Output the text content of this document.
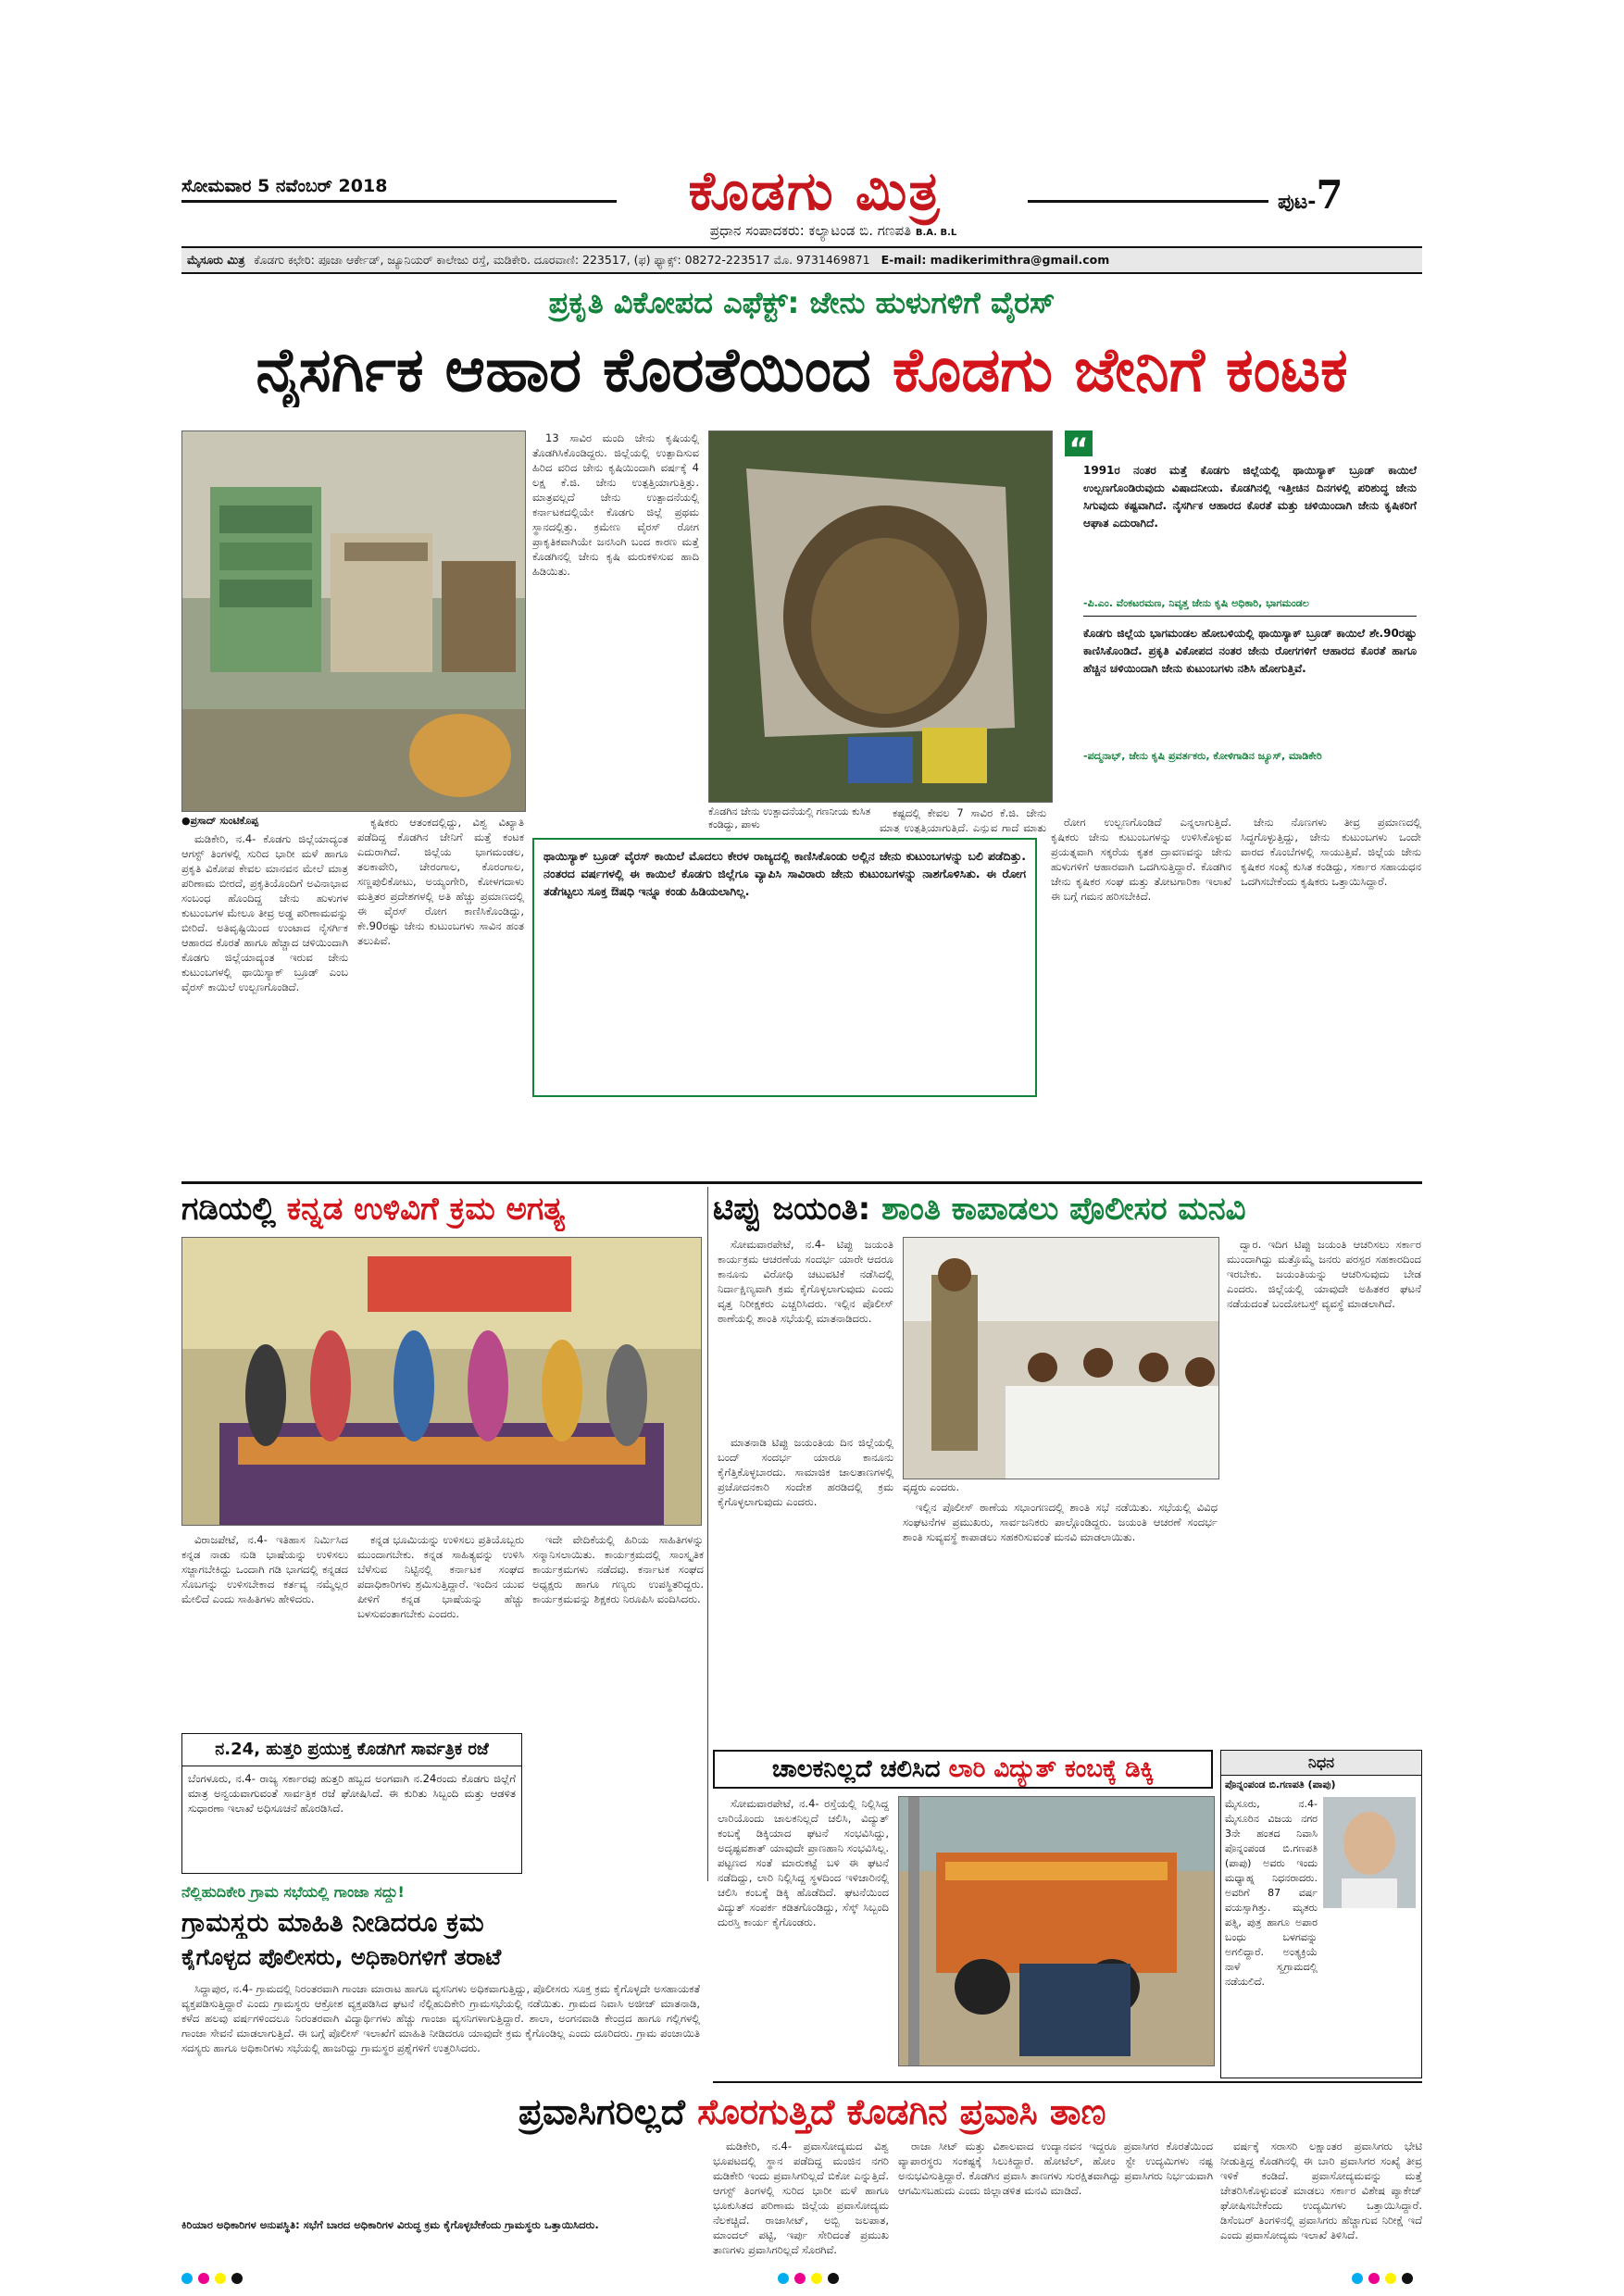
ಸೋಮವಾರ 5 ನವೆಂಬರ್ 2018	ಕೊಡಗು ಮಿತ್ರ	ಪುಟ-7
ಪ್ರಧಾನ ಸಂಪಾದಕರು: ಕಲ್ಯಾಟಂಡ ಬಿ. ಗಣಪತಿ B.A. B.L
ಮೈಸೂರು ಮಿತ್ರ ಕೊಡಗು ಕಛೇರಿ: ಪೂಜಾ ಆರ್ಕೇಡ್, ಜ್ಯೂನಿಯರ್ ಕಾಲೇಜು ರಸ್ತೆ, ಮಡಿಕೇರಿ. ದೂರವಾಣಿ: 223517, (ಫ) ಫ್ಯಾಕ್ಸ್: 08272-223517 ಮೊ. 9731469871 E-mail: madikerimithra@gmail.com
ಪ್ರಕೃತಿ ವಿಕೋಪದ ಎಫೆಕ್ಟ್: ಜೇನು ಹುಳುಗಳಿಗೆ ವೈರಸ್
ನೈಸರ್ಗಿಕ ಆಹಾರ ಕೊರತೆಯಿಂದ ಕೊಡಗು ಜೇನಿಗೆ ಕಂಟಕ
●ಪ್ರಸಾದ್ ಸುಂಟಿಕೊಪ್ಪ

ಮಡಿಕೇರಿ, ನ.4- ಕೊಡಗು ಜಿಲ್ಲೆಯಾದ್ಯಂತ ಆಗಸ್ಟ್ ತಿಂಗಳಲ್ಲಿ ಸುರಿದ ಭಾರೀ ಮಳೆ ಹಾಗೂ ಪ್ರಕೃತಿ ವಿಕೋಪ ಕೇವಲ ಮಾನವನ ಮೇಲೆ ಮಾತ್ರ ಪರಿಣಾಮ ಬೀರದೆ, ಪ್ರಕೃತಿಯೊಂದಿಗೆ ಅವಿನಾಭಾವ ಸಂಬಂಧ ಹೊಂದಿದ್ದ ಜೇನು ಹುಳುಗಳ ಕುಟುಂಬಗಳ ಮೇಲೂ ತೀವ್ರ ಅಡ್ಡ ಪರಿಣಾಮವನ್ನು ಬೀರಿದೆ. ಅತಿವೃಷ್ಟಿಯಿಂದ ಉಂಟಾದ ನೈಸರ್ಗಿಕ ಆಹಾರದ ಕೊರತೆ ಹಾಗೂ ಹೆಚ್ಚಾದ ಚಳಿಯಿಂದಾಗಿ ಕೊಡಗು ಜಿಲ್ಲೆಯಾದ್ಯಂತ ಇರುವ ಜೇನು ಕುಟುಂಬಗಳಲ್ಲಿ ಥಾಯಿಸ್ಯಾಕ್ ಬ್ರೂಡ್ ಎಂಬ ವೈರಸ್ ಕಾಯಿಲೆ ಉಲ್ಬಣಗೊಂಡಿದೆ.

ಕೃಷಿಕರು ಆತಂಕದಲ್ಲಿದ್ದು, ವಿಶ್ವ ವಿಖ್ಯಾತಿ ಪಡೆದಿದ್ದ ಕೊಡಗಿನ ಜೇನಿಗೆ ಮತ್ತೆ ಕಂಟಕ ಎದುರಾಗಿದೆ. ಜಿಲ್ಲೆಯ ಭಾಗಮಂಡಲ, ತಲಕಾವೇರಿ, ಚೇರಂಗಾಲ, ಕೊರಂಗಾಲ, ಸಣ್ಣಪುಲಿಕೋಟು, ಅಯ್ಯಂಗೇರಿ, ಕೋಳಗದಾಳು ಮತ್ತಿತರ ಪ್ರದೇಶಗಳಲ್ಲಿ ಅತಿ ಹೆಚ್ಚು ಪ್ರಮಾಣದಲ್ಲಿ ಈ ವೈರಸ್ ರೋಗ ಕಾಣಿಸಿಕೊಂಡಿದ್ದು, ಕೇ.90ರಷ್ಟು ಜೇನು ಕುಟುಂಬಗಳು ಸಾವಿನ ಹಂತ ತಲುಪಿವೆ.

13 ಸಾವಿರ ಮಂದಿ ಜೇನು ಕೃಷಿಯಲ್ಲಿ ತೊಡಗಿಸಿಕೊಂಡಿದ್ದರು. ಜಿಲ್ಲೆಯಲ್ಲಿ ಉತ್ಪಾದಿಸುವ ಹಿರಿದ ವರಿದ ಜೇನು ಕೃಷಿಯಿಂದಾಗಿ ವರ್ಷಕ್ಕೆ 4 ಲಕ್ಷ ಕೆ.ಜಿ. ಜೇನು ಉತ್ಪತ್ತಿಯಾಗುತ್ತಿತ್ತು. ಮಾತ್ರವಲ್ಲದೆ ಜೇನು ಉತ್ಪಾದನೆಯಲ್ಲಿ ಕರ್ನಾಟಕದಲ್ಲಿಯೇ ಕೊಡಗು ಜಿಲ್ಲೆ ಪ್ರಥಮ ಸ್ಥಾನದಲ್ಲಿತ್ತು. ಕ್ರಮೇಣ ವೈರಸ್ ರೋಗ ಪ್ರಾಕೃತಿಕವಾಗಿಯೇ ಜನಸಿಂಗಿ ಬಂದ ಕಾರಣ ಮತ್ತೆ ಕೊಡಗಿನಲ್ಲಿ ಜೇನು ಕೃಷಿ ಮರುಕಳಿಸುವ ಹಾದಿ ಹಿಡಿಯಿತು.

ಕೊಡಗಿನ ಜೇನು ಉತ್ಪಾದನೆಯಲ್ಲಿ ಗಣನೀಯ ಕುಸಿತ ಕಂಡಿದ್ದು, ಪಾಳು
ಥಾಯಿಸ್ಯಾಕ್ ಬ್ರೂಡ್ ವೈರಸ್ ಕಾಯಿಲೆ ಮೊದಲು ಕೇರಳ ರಾಜ್ಯದಲ್ಲಿ ಕಾಣಿಸಿಕೊಂಡು ಅಲ್ಲಿನ ಜೇನು ಕುಟುಂಬಗಳನ್ನು ಬಲಿ ಪಡೆದಿತ್ತು. ನಂತರದ ವರ್ಷಗಳಲ್ಲಿ ಈ ಕಾಯಿಲೆ ಕೊಡಗು ಜಿಲ್ಲೆಗೂ ವ್ಯಾಪಿಸಿ ಸಾವಿರಾರು ಜೇನು ಕುಟುಂಬಗಳನ್ನು ನಾಶಗೊಳಿಸಿತು. ಈ ರೋಗ ತಡೆಗಟ್ಟಲು ಸೂಕ್ತ ಔಷಧಿ ಇನ್ನೂ ಕಂಡು ಹಿಡಿಯಲಾಗಿಲ್ಲ.

ಕಷ್ಟದಲ್ಲಿ ಕೇವಲ 7 ಸಾವಿರ ಕೆ.ಜಿ. ಜೇನು ಮಾತ್ರ ಉತ್ಪತ್ತಿಯಾಗುತ್ತಿದೆ. ಎನ್ನುವ ಗಾದೆ ಮಾತು	ರೋಗ ಉಲ್ಬಣಗೊಂಡಿದೆ ಎನ್ನಲಾಗುತ್ತಿದೆ. ಕೃಷಿಕರು ಜೇನು ಕುಟುಂಬಗಳನ್ನು ಉಳಿಸಿಕೊಳ್ಳುವ ಪ್ರಯತ್ನವಾಗಿ ಸಕ್ಕರೆಯ ಕೃತಕ ದ್ರಾವಣವನ್ನು ಜೇನು ಹುಳುಗಳಿಗೆ ಆಹಾರವಾಗಿ ಒದಗಿಸುತ್ತಿದ್ದಾರೆ. ಕೊಡಗಿನ ಜೇನು ಕೃಷಿಕರ ಸಂಘ ಮತ್ತು ತೋಟಗಾರಿಕಾ ಇಲಾಖೆ ಈ ಬಗ್ಗೆ ಗಮನ ಹರಿಸಬೇಕಿದೆ.

ಜೇನು ನೊಣಗಳು ತೀವ್ರ ಪ್ರಮಾಣದಲ್ಲಿ ಸಿದ್ಧಗೊಳ್ಳುತ್ತಿದ್ದು, ಜೇನು ಕುಟುಂಬಗಳು ಒಂದೇ ವಾರದ ಕೊಂಬೆಗಳಲ್ಲಿ ಸಾಯುತ್ತಿವೆ. ಜಿಲ್ಲೆಯ ಜೇನು ಕೃಷಿಕರ ಸಂಖ್ಯೆ ಕುಸಿತ ಕಂಡಿದ್ದು, ಸರ್ಕಾರ ಸಹಾಯಧನ ಒದಗಿಸಬೇಕೆಂದು ಕೃಷಿಕರು ಒತ್ತಾಯಿಸಿದ್ದಾರೆ.

“
1991ರ ನಂತರ ಮತ್ತೆ ಕೊಡಗು ಜಿಲ್ಲೆಯಲ್ಲಿ ಥಾಯಿಸ್ಯಾಕ್ ಬ್ರೂಡ್ ಕಾಯಿಲೆ ಉಲ್ಬಣಗೊಂಡಿರುವುದು ವಿಷಾದನೀಯ. ಕೊಡಗಿನಲ್ಲಿ ಇತ್ತೀಚಿನ ದಿನಗಳಲ್ಲಿ ಪರಿಶುದ್ಧ ಜೇನು ಸಿಗುವುದು ಕಷ್ಟವಾಗಿದೆ. ನೈಸರ್ಗಿಕ ಆಹಾರದ ಕೊರತೆ ಮತ್ತು ಚಳಿಯಿಂದಾಗಿ ಜೇನು ಕೃಷಿಕರಿಗೆ ಆಘಾತ ಎದುರಾಗಿದೆ.
-ಪಿ.ಎಂ. ವೆಂಕಟರಮಣ, ನಿವೃತ್ತ ಜೇನು ಕೃಷಿ ಅಧಿಕಾರಿ, ಭಾಗಮಂಡಲ
ಕೊಡಗು ಜಿಲ್ಲೆಯ ಭಾಗಮಂಡಲ ಹೋಬಳಿಯಲ್ಲಿ ಥಾಯಿಸ್ಯಾಕ್ ಬ್ರೂಡ್ ಕಾಯಿಲೆ ಶೇ.90ರಷ್ಟು ಕಾಣಿಸಿಕೊಂಡಿದೆ. ಪ್ರಕೃತಿ ವಿಕೋಪದ ನಂತರ ಜೇನು ರೋಗಗಳಿಗೆ ಆಹಾರದ ಕೊರತೆ ಹಾಗೂ ಹೆಚ್ಚಿನ ಚಳಿಯಿಂದಾಗಿ ಜೇನು ಕುಟುಂಬಗಳು ನಶಿಸಿ ಹೋಗುತ್ತಿವೆ.
-ಪದ್ಮನಾಭ್, ಜೇನು ಕೃಷಿ ಪ್ರವರ್ತಕರು, ಕೋಳಿಗಾಡಿನ ಜ್ಯೂಸ್, ಮಾಡಿಕೇರಿ
ಗಡಿಯಲ್ಲಿ ಕನ್ನಡ ಉಳಿವಿಗೆ ಕ್ರಮ ಅಗತ್ಯ

ವಿರಾಜಪೇಟೆ, ನ.4- ಇತಿಹಾಸ ನಿರ್ಮಿಸಿದ ಕನ್ನಡ ನಾಡು ನುಡಿ ಭಾಷೆಯನ್ನು ಉಳಿಸಲು ಸಜ್ಜಾಗಬೇಕಿದ್ದು ಒಂದಾಗಿ ಗಡಿ ಭಾಗದಲ್ಲಿ ಕನ್ನಡದ ಸೊಬಗನ್ನು ಉಳಿಸಬೇಕಾದ ಕರ್ತವ್ಯ ನಮ್ಮೆಲ್ಲರ ಮೇಲಿದೆ ಎಂದು ಸಾಹಿತಿಗಳು ಹೇಳಿದರು.

ಕನ್ನಡ ಭೂಮಿಯನ್ನು ಉಳಿಸಲು ಪ್ರತಿಯೊಬ್ಬರು ಮುಂದಾಗಬೇಕು. ಕನ್ನಡ ಸಾಹಿತ್ಯವನ್ನು ಉಳಿಸಿ ಬೆಳೆಸುವ ನಿಟ್ಟಿನಲ್ಲಿ ಕರ್ನಾಟಕ ಸಂಘದ ಪದಾಧಿಕಾರಿಗಳು ಶ್ರಮಿಸುತ್ತಿದ್ದಾರೆ. ಇಂದಿನ ಯುವ ಪೀಳಿಗೆ ಕನ್ನಡ ಭಾಷೆಯನ್ನು ಹೆಚ್ಚು ಬಳಸುವಂತಾಗಬೇಕು ಎಂದರು.

ಇದೇ ವೇದಿಕೆಯಲ್ಲಿ ಹಿರಿಯ ಸಾಹಿತಿಗಳನ್ನು ಸನ್ಮಾನಿಸಲಾಯಿತು. ಕಾರ್ಯಕ್ರಮದಲ್ಲಿ ಸಾಂಸ್ಕೃತಿಕ ಕಾರ್ಯಕ್ರಮಗಳು ನಡೆದವು. ಕರ್ನಾಟಕ ಸಂಘದ ಅಧ್ಯಕ್ಷರು ಹಾಗೂ ಗಣ್ಯರು ಉಪಸ್ಥಿತರಿದ್ದರು. ಕಾರ್ಯಕ್ರಮವನ್ನು ಶಿಕ್ಷಕರು ನಿರೂಪಿಸಿ ವಂದಿಸಿದರು.

ನ.24, ಹುತ್ತರಿ ಪ್ರಯುಕ್ತ ಕೊಡಗಿಗೆ ಸಾರ್ವತ್ರಿಕ ರಜೆ
ಬೆಂಗಳೂರು, ನ.4- ರಾಜ್ಯ ಸರ್ಕಾರವು ಹುತ್ತರಿ ಹಬ್ಬದ ಅಂಗವಾಗಿ ನ.24ರಂದು ಕೊಡಗು ಜಿಲ್ಲೆಗೆ ಮಾತ್ರ ಅನ್ವಯವಾಗುವಂತೆ ಸಾರ್ವತ್ರಿಕ ರಜೆ ಘೋಷಿಸಿದೆ. ಈ ಕುರಿತು ಸಿಬ್ಬಂದಿ ಮತ್ತು ಆಡಳಿತ ಸುಧಾರಣಾ ಇಲಾಖೆ ಅಧಿಸೂಚನೆ ಹೊರಡಿಸಿದೆ.
ನೆಲ್ಲಿಹುದಿಕೇರಿ ಗ್ರಾಮ ಸಭೆಯಲ್ಲಿ ಗಾಂಜಾ ಸದ್ದು!
ಗ್ರಾಮಸ್ಥರು ಮಾಹಿತಿ ನೀಡಿದರೂ ಕ್ರಮ
ಕೈಗೊಳ್ಳದ ಪೊಲೀಸರು, ಅಧಿಕಾರಿಗಳಿಗೆ ತರಾಟೆ

ಸಿದ್ದಾಪುರ, ನ.4- ಗ್ರಾಮದಲ್ಲಿ ನಿರಂತರವಾಗಿ ಗಾಂಜಾ ಮಾರಾಟ ಹಾಗೂ ವ್ಯಸನಿಗಳು ಅಧಿಕವಾಗುತ್ತಿದ್ದು, ಪೊಲೀಸರು ಸೂಕ್ತ ಕ್ರಮ ಕೈಗೊಳ್ಳದೇ ಅಸಹಾಯಕತೆ ವ್ಯಕ್ತಪಡಿಸುತ್ತಿದ್ದಾರೆ ಎಂದು ಗ್ರಾಮಸ್ಥರು ಆಕ್ರೋಶ ವ್ಯಕ್ತಪಡಿಸಿದ ಘಟನೆ ನೆಲ್ಲಿಹುದಿಕೇರಿ ಗ್ರಾಮಸಭೆಯಲ್ಲಿ ನಡೆಯಿತು. ಗ್ರಾಮದ ನಿವಾಸಿ ಅಜೀಜ್ ಮಾತನಾಡಿ, ಕಳೆದ ಹಲವು ವರ್ಷಗಳಿಂದಲೂ ನಿರಂತರವಾಗಿ ವಿದ್ಯಾರ್ಥಿಗಳು ಹೆಚ್ಚು ಗಾಂಜಾ ವ್ಯಸನಿಗಳಾಗುತ್ತಿದ್ದಾರೆ. ಶಾಲಾ, ಅಂಗನವಾಡಿ ಕೇಂದ್ರದ ಹಾಗೂ ಗಲ್ಲಿಗಳಲ್ಲಿ ಗಾಂಜಾ ಸೇವನೆ ಮಾಡಲಾಗುತ್ತಿದೆ. ಈ ಬಗ್ಗೆ ಪೊಲೀಸ್ ಇಲಾಖೆಗೆ ಮಾಹಿತಿ ನೀಡಿದರೂ ಯಾವುದೇ ಕ್ರಮ ಕೈಗೊಂಡಿಲ್ಲ ಎಂದು ದೂರಿದರು. ಗ್ರಾಮ ಪಂಚಾಯಿತಿ ಸದಸ್ಯರು ಹಾಗೂ ಅಧಿಕಾರಿಗಳು ಸಭೆಯಲ್ಲಿ ಹಾಜರಿದ್ದು ಗ್ರಾಮಸ್ಥರ ಪ್ರಶ್ನೆಗಳಿಗೆ ಉತ್ತರಿಸಿದರು.

ಕಿರಿಯಾರ ಅಧಿಕಾರಿಗಳ ಅನುಪಸ್ಥಿತಿ: ಸಭೆಗೆ ಬಾರದ ಅಧಿಕಾರಿಗಳ ವಿರುದ್ಧ ಕ್ರಮ ಕೈಗೊಳ್ಳಬೇಕೆಂದು ಗ್ರಾಮಸ್ಥರು ಒತ್ತಾಯಿಸಿದರು.
ಟಿಪ್ಪು ಜಯಂತಿ: ಶಾಂತಿ ಕಾಪಾಡಲು ಪೊಲೀಸರ ಮನವಿ

ಸೋಮವಾರಪೇಟೆ, ನ.4- ಟಿಪ್ಪು ಜಯಂತಿ ಕಾರ್ಯಕ್ರಮ ಆಚರಣೆಯ ಸಂದರ್ಭ ಯಾರೇ ಆದರೂ ಕಾನೂನು ವಿರೋಧಿ ಚಟುವಟಿಕೆ ನಡೆಸಿದಲ್ಲಿ ನಿರ್ದಾಕ್ಷಿಣ್ಯವಾಗಿ ಕ್ರಮ ಕೈಗೊಳ್ಳಲಾಗುವುದು ಎಂದು ವೃತ್ತ ನಿರೀಕ್ಷಕರು ಎಚ್ಚರಿಸಿದರು. ಇಲ್ಲಿನ ಪೊಲೀಸ್ ಠಾಣೆಯಲ್ಲಿ ಶಾಂತಿ ಸಭೆಯಲ್ಲಿ ಮಾತನಾಡಿದರು.

ದ್ವಾರ. ಇದಿಗ ಟಿಪ್ಪು ಜಯಂತಿ ಆಚರಿಸಲು ಸರ್ಕಾರ ಮುಂದಾಗಿದ್ದು ಮತ್ತೊಮ್ಮೆ ಜನರು ಪರಸ್ಪರ ಸಹಕಾರದಿಂದ ಇರಬೇಕು. ಜಯಂತಿಯನ್ನು ಆಚರಿಸುವುದು ಬೇಡ ಎಂದರು. ಜಿಲ್ಲೆಯಲ್ಲಿ ಯಾವುದೇ ಅಹಿತಕರ ಘಟನೆ ನಡೆಯದಂತೆ ಬಂದೋಬಸ್ತ್ ವ್ಯವಸ್ಥೆ ಮಾಡಲಾಗಿದೆ.

ವೃದ್ಧರು ಎಂದರು.

ಮಾತನಾಡಿ ಟಿಪ್ಪು ಜಯಂತಿಯ ದಿನ ಜಿಲ್ಲೆಯಲ್ಲಿ ಬಂದ್ ಸಂದರ್ಭ ಯಾರೂ ಕಾನೂನು ಕೈಗೆತ್ತಿಕೊಳ್ಳಬಾರದು. ಸಾಮಾಜಿಕ ಜಾಲತಾಣಗಳಲ್ಲಿ ಪ್ರಚೋದನಕಾರಿ ಸಂದೇಶ ಹರಡಿದಲ್ಲಿ ಕ್ರಮ ಕೈಗೊಳ್ಳಲಾಗುವುದು ಎಂದರು.	ಇಲ್ಲಿನ ಪೊಲೀಸ್ ಠಾಣೆಯ ಸಭಾಂಗಣದಲ್ಲಿ ಶಾಂತಿ ಸಭೆ ನಡೆಯಿತು. ಸಭೆಯಲ್ಲಿ ವಿವಿಧ ಸಂಘಟನೆಗಳ ಪ್ರಮುಖರು, ಸಾರ್ವಜನಿಕರು ಪಾಲ್ಗೊಂಡಿದ್ದರು. ಜಯಂತಿ ಆಚರಣೆ ಸಂದರ್ಭ ಶಾಂತಿ ಸುವ್ಯವಸ್ಥೆ ಕಾಪಾಡಲು ಸಹಕರಿಸುವಂತೆ ಮನವಿ ಮಾಡಲಾಯಿತು.

ಚಾಲಕನಿಲ್ಲದೆ ಚಲಿಸಿದ ಲಾರಿ ವಿದ್ಯುತ್ ಕಂಬಕ್ಕೆ ಡಿಕ್ಕಿ

ಸೋಮವಾರಪೇಟೆ, ನ.4- ರಸ್ತೆಯಲ್ಲಿ ನಿಲ್ಲಿಸಿದ್ದ ಲಾರಿಯೊಂದು ಚಾಲಕನಿಲ್ಲದೆ ಚಲಿಸಿ, ವಿದ್ಯುತ್ ಕಂಬಕ್ಕೆ ಡಿಕ್ಕಿಯಾದ ಘಟನೆ ಸಂಭವಿಸಿದ್ದು, ಅದೃಷ್ಟವಶಾತ್ ಯಾವುದೇ ಪ್ರಾಣಹಾನಿ ಸಂಭವಿಸಿಲ್ಲ. ಪಟ್ಟಣದ ಸಂತೆ ಮಾರುಕಟ್ಟೆ ಬಳಿ ಈ ಘಟನೆ ನಡೆದಿದ್ದು, ಲಾರಿ ನಿಲ್ಲಿಸಿದ್ದ ಸ್ಥಳದಿಂದ ಇಳಿಜಾರಿನಲ್ಲಿ ಚಲಿಸಿ ಕಂಬಕ್ಕೆ ಡಿಕ್ಕಿ ಹೊಡೆದಿದೆ. ಘಟನೆಯಿಂದ ವಿದ್ಯುತ್ ಸಂಪರ್ಕ ಕಡಿತಗೊಂಡಿದ್ದು, ಸೆಸ್ಕ್ ಸಿಬ್ಬಂದಿ ದುರಸ್ತಿ ಕಾರ್ಯ ಕೈಗೊಂಡರು.

ನಿಧನ
ಪೊನ್ನಂಪಂಡ ಬಿ.ಗಣಪತಿ (ಪಾಪು)
ಮೈಸೂರು, ನ.4- ಮೈಸೂರಿನ ವಿಜಯ ನಗರ 3ನೇ ಹಂತದ ನಿವಾಸಿ ಪೊನ್ನಂಪಂಡ ಬಿ.ಗಣಪತಿ (ಪಾಪು) ಅವರು ಇಂದು ಮಧ್ಯಾಹ್ನ ನಿಧನರಾದರು. ಅವರಿಗೆ 87 ವರ್ಷ ವಯಸ್ಸಾಗಿತ್ತು. ಮೃತರು ಪತ್ನಿ, ಪುತ್ರ ಹಾಗೂ ಅಪಾರ ಬಂಧು ಬಳಗವನ್ನು ಅಗಲಿದ್ದಾರೆ. ಅಂತ್ಯಕ್ರಿಯೆ ನಾಳೆ ಸ್ವಗ್ರಾಮದಲ್ಲಿ ನಡೆಯಲಿದೆ.
ಪ್ರವಾಸಿಗರಿಲ್ಲದೆ ಸೊರಗುತ್ತಿದೆ ಕೊಡಗಿನ ಪ್ರವಾಸಿ ತಾಣ

ಮಡಿಕೇರಿ, ನ.4- ಪ್ರವಾಸೋದ್ಯಮದ ವಿಶ್ವ ಭೂಪಟದಲ್ಲಿ ಸ್ಥಾನ ಪಡೆದಿದ್ದ ಮಂಜಿನ ನಗರಿ ಮಡಿಕೇರಿ ಇಂದು ಪ್ರವಾಸಿಗರಿಲ್ಲದೆ ಬಿಕೋ ಎನ್ನುತ್ತಿದೆ. ಆಗಸ್ಟ್ ತಿಂಗಳಲ್ಲಿ ಸುರಿದ ಭಾರೀ ಮಳೆ ಹಾಗೂ ಭೂಕುಸಿತದ ಪರಿಣಾಮ ಜಿಲ್ಲೆಯ ಪ್ರವಾಸೋದ್ಯಮ ನೆಲಕಚ್ಚಿದೆ. ರಾಜಾಸೀಟ್, ಅಬ್ಬಿ ಜಲಪಾತ, ಮಾಂದಲ್ ಪಟ್ಟಿ, ಇರ್ಪು ಸೇರಿದಂತೆ ಪ್ರಮುಖ ತಾಣಗಳು ಪ್ರವಾಸಿಗರಿಲ್ಲದೆ ಸೊರಗಿವೆ.

ರಾಜಾ ಸೀಟ್ ಮತ್ತು ವಿಶಾಲವಾದ ಉದ್ಯಾನವನ ಇದ್ದರೂ ಪ್ರವಾಸಿಗರ ಕೊರತೆಯಿಂದ ವ್ಯಾಪಾರಸ್ಥರು ಸಂಕಷ್ಟಕ್ಕೆ ಸಿಲುಕಿದ್ದಾರೆ. ಹೋಟೆಲ್, ಹೋಂ ಸ್ಟೇ ಉದ್ಯಮಿಗಳು ನಷ್ಟ ಅನುಭವಿಸುತ್ತಿದ್ದಾರೆ. ಕೊಡಗಿನ ಪ್ರವಾಸಿ ತಾಣಗಳು ಸುರಕ್ಷಿತವಾಗಿದ್ದು ಪ್ರವಾಸಿಗರು ನಿರ್ಭಯವಾಗಿ ಆಗಮಿಸಬಹುದು ಎಂದು ಜಿಲ್ಲಾಡಳಿತ ಮನವಿ ಮಾಡಿದೆ.

ವರ್ಷಕ್ಕೆ ಸರಾಸರಿ ಲಕ್ಷಾಂತರ ಪ್ರವಾಸಿಗರು ಭೇಟಿ ನೀಡುತ್ತಿದ್ದ ಕೊಡಗಿನಲ್ಲಿ ಈ ಬಾರಿ ಪ್ರವಾಸಿಗರ ಸಂಖ್ಯೆ ತೀವ್ರ ಇಳಿಕೆ ಕಂಡಿದೆ. ಪ್ರವಾಸೋದ್ಯಮವನ್ನು ಮತ್ತೆ ಚೇತರಿಸಿಕೊಳ್ಳುವಂತೆ ಮಾಡಲು ಸರ್ಕಾರ ವಿಶೇಷ ಪ್ಯಾಕೇಜ್ ಘೋಷಿಸಬೇಕೆಂದು ಉದ್ಯಮಿಗಳು ಒತ್ತಾಯಿಸಿದ್ದಾರೆ. ಡಿಸೆಂಬರ್ ತಿಂಗಳಿನಲ್ಲಿ ಪ್ರವಾಸಿಗರು ಹೆಚ್ಚಾಗುವ ನಿರೀಕ್ಷೆ ಇದೆ ಎಂದು ಪ್ರವಾಸೋದ್ಯಮ ಇಲಾಖೆ ತಿಳಿಸಿದೆ.
